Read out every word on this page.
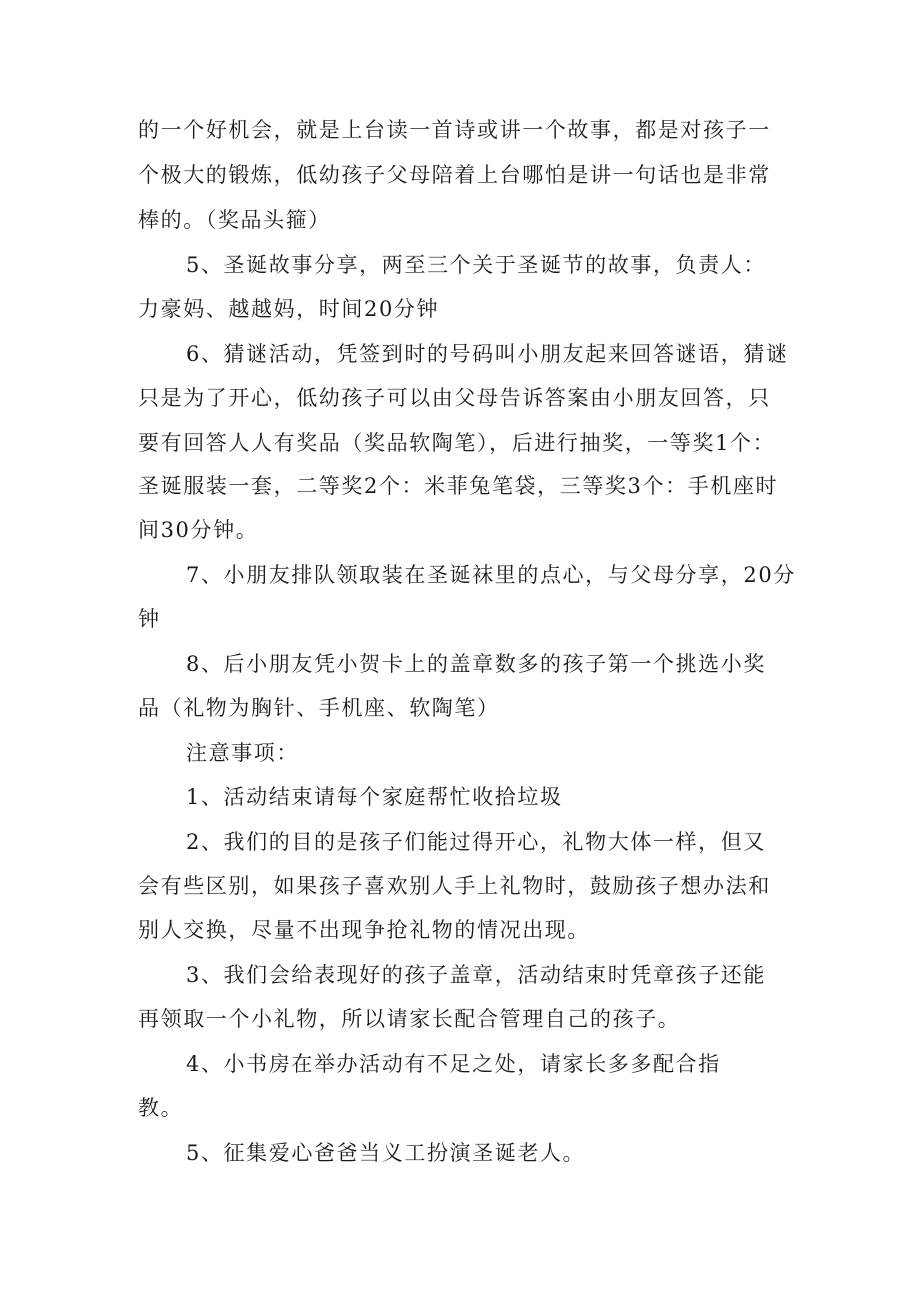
的一个好机会，就是上台读一首诗或讲一个故事，都是对孩子一
个极大的锻炼，低幼孩子父母陪着上台哪怕是讲一句话也是非常
棒的。（奖品头箍）
5、圣诞故事分享，两至三个关于圣诞节的故事，负责人：
力豪妈、越越妈，时间20分钟
6、猜谜活动，凭签到时的号码叫小朋友起来回答谜语，猜谜
只是为了开心，低幼孩子可以由父母告诉答案由小朋友回答，只
要有回答人人有奖品（奖品软陶笔），后进行抽奖，一等奖1个：
圣诞服装一套，二等奖2个：米菲兔笔袋，三等奖3个：手机座时
间30分钟。
7、小朋友排队领取装在圣诞袜里的点心，与父母分享，20分
钟
8、后小朋友凭小贺卡上的盖章数多的孩子第一个挑选小奖
品（礼物为胸针、手机座、软陶笔）
注意事项：
1、活动结束请每个家庭帮忙收拾垃圾
2、我们的目的是孩子们能过得开心，礼物大体一样，但又
会有些区别，如果孩子喜欢别人手上礼物时，鼓励孩子想办法和
别人交换，尽量不出现争抢礼物的情况出现。
3、我们会给表现好的孩子盖章，活动结束时凭章孩子还能
再领取一个小礼物，所以请家长配合管理自己的孩子。
4、小书房在举办活动有不足之处，请家长多多配合指
教。
5、征集爱心爸爸当义工扮演圣诞老人。
